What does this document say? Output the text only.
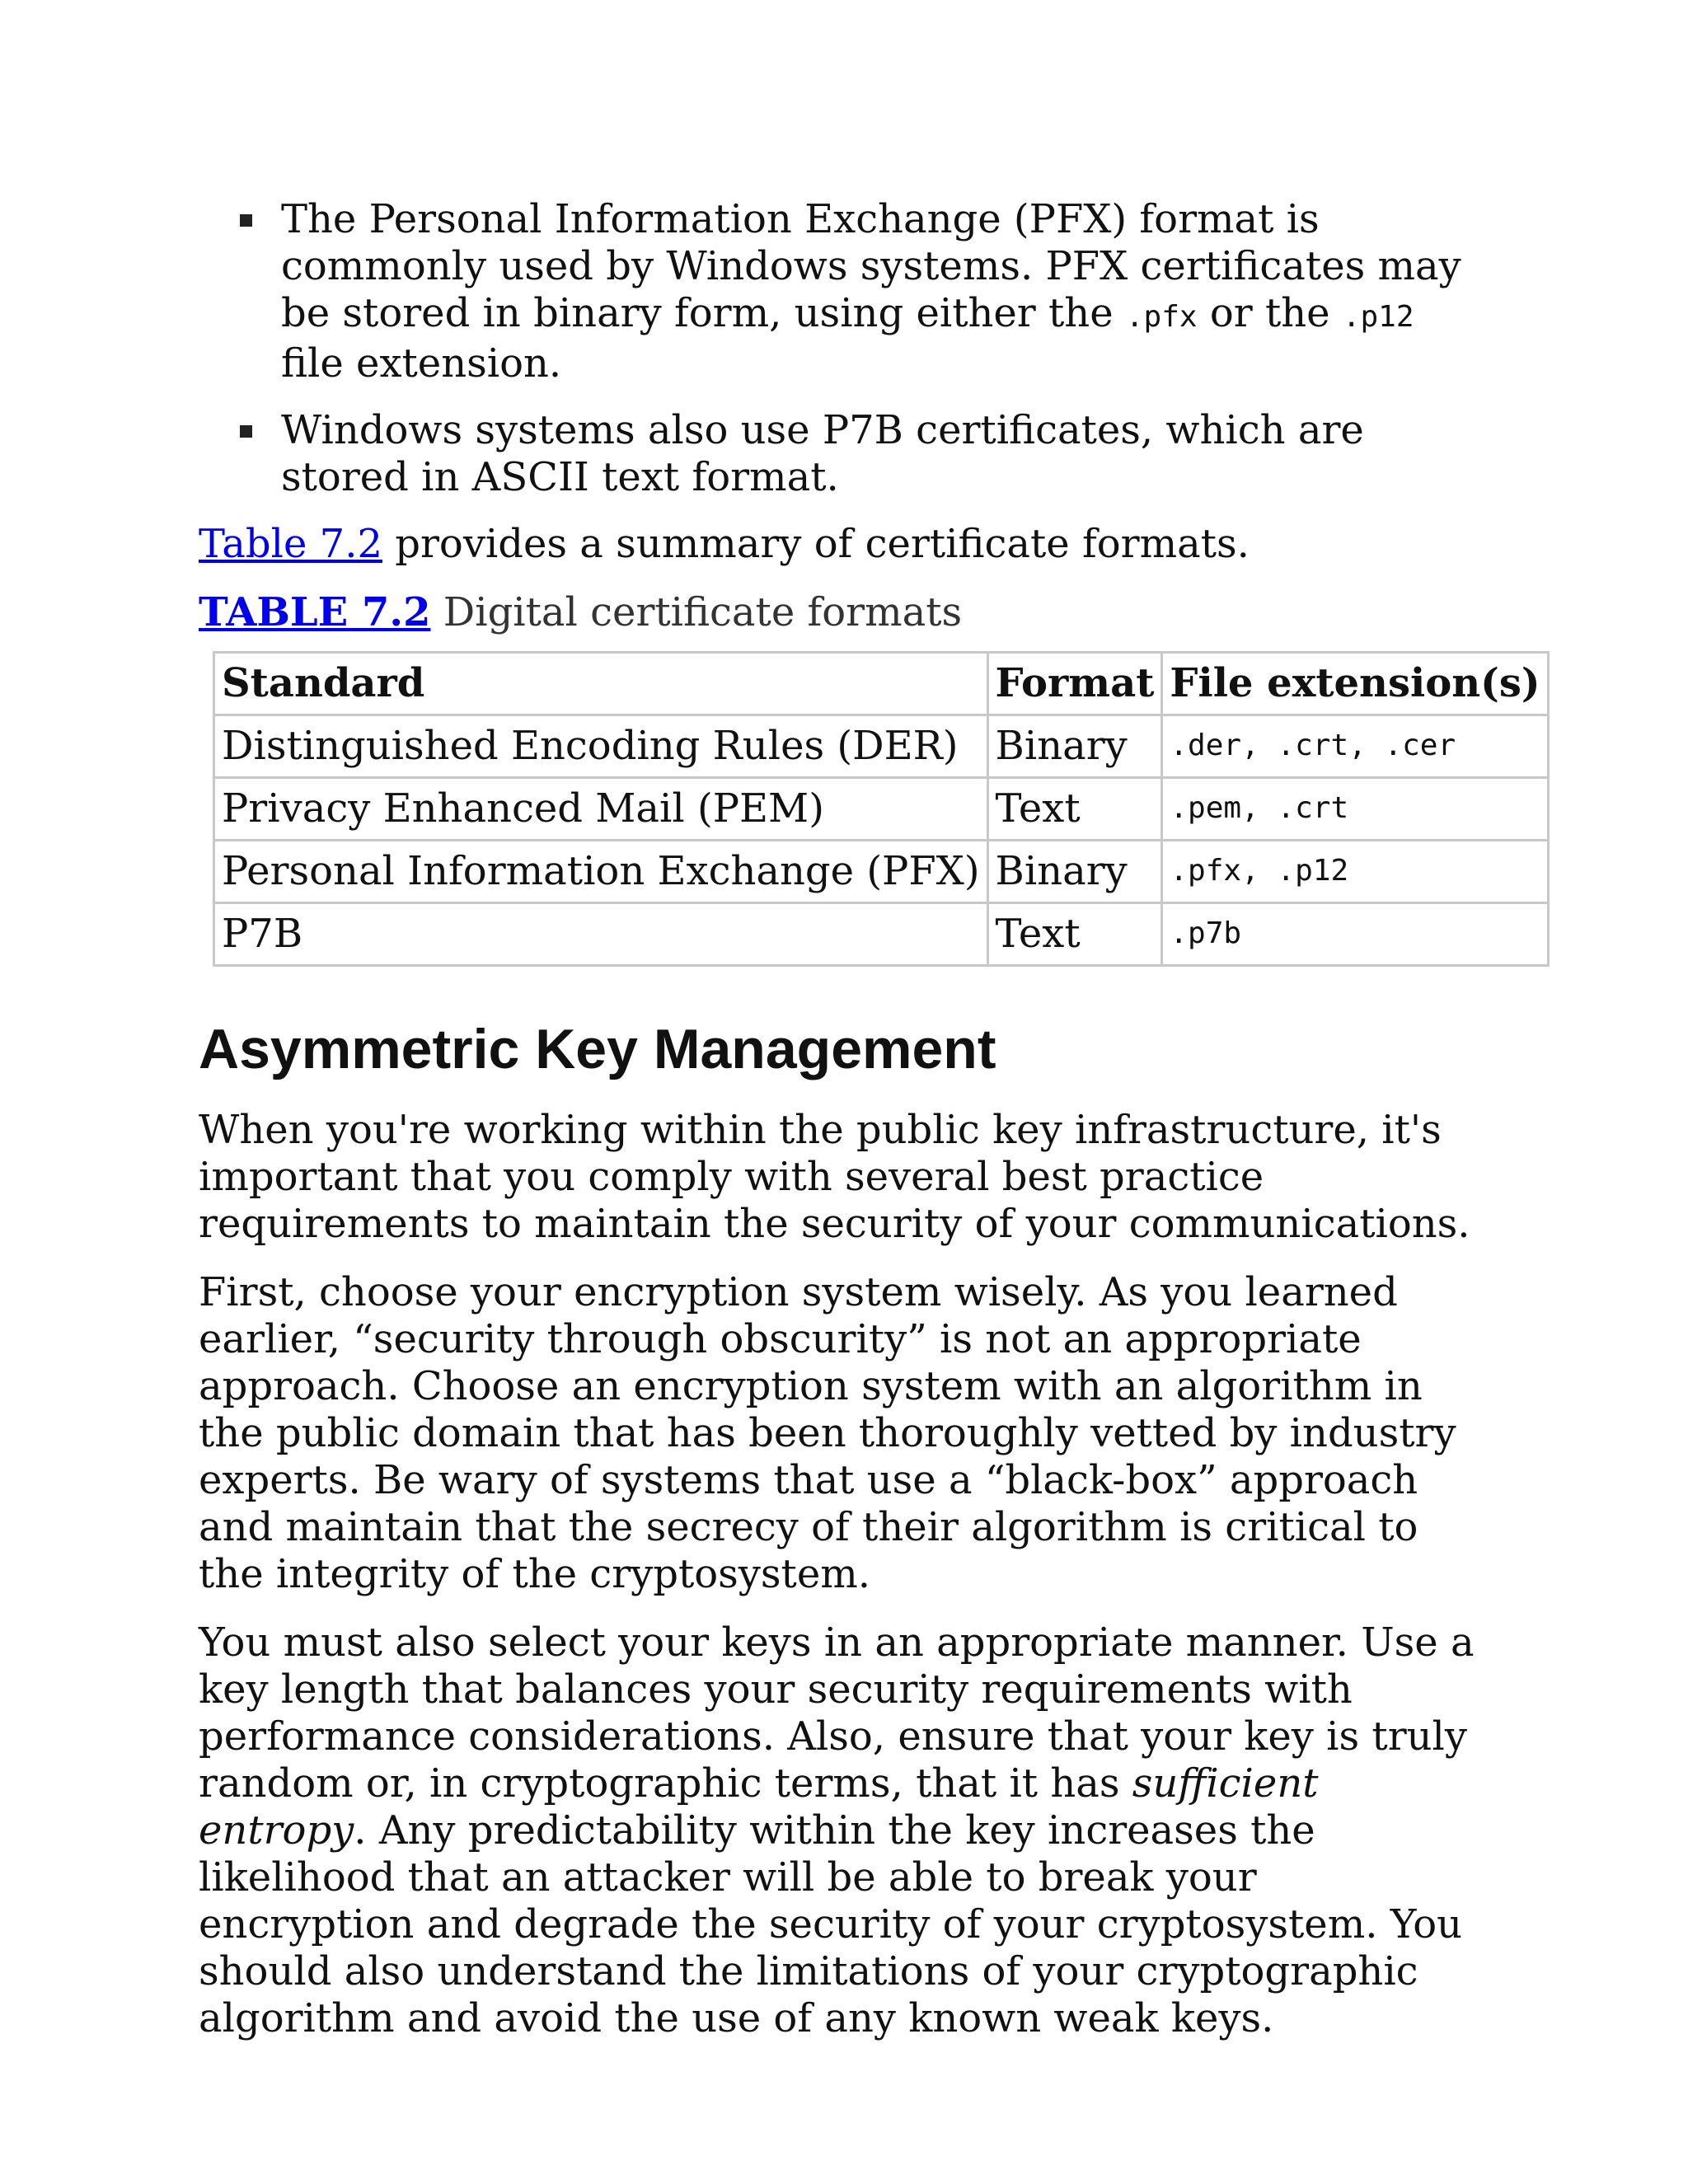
The Personal Information Exchange (PFX) format is commonly used by Windows systems. PFX certificates may be stored in binary form, using either the .pfx or the .p12 file extension.
Windows systems also use P7B certificates, which are stored in ASCII text format.

Table 7.2 provides a summary of certificate formats.

TABLE 7.2 Digital certificate formats
Standard	Format	File extension(s)
Distinguished Encoding Rules (DER)	Binary	.der, .crt, .cer
Privacy Enhanced Mail (PEM)	Text	.pem, .crt
Personal Information Exchange (PFX)	Binary	.pfx, .p12
P7B	Text	.p7b
Asymmetric Key Management

When you're working within the public key infrastructure, it's important that you comply with several best practice requirements to maintain the security of your communications.

First, choose your encryption system wisely. As you learned earlier, “security through obscurity” is not an appropriate approach. Choose an encryption system with an algorithm in the public domain that has been thoroughly vetted by industry experts. Be wary of systems that use a “black-box” approach and maintain that the secrecy of their algorithm is critical to the integrity of the cryptosystem.

You must also select your keys in an appropriate manner. Use a key length that balances your security requirements with performance considerations. Also, ensure that your key is truly random or, in cryptographic terms, that it has sufficient entropy. Any predictability within the key increases the likelihood that an attacker will be able to break your encryption and degrade the security of your cryptosystem. You should also understand the limitations of your cryptographic algorithm and avoid the use of any known weak keys.
